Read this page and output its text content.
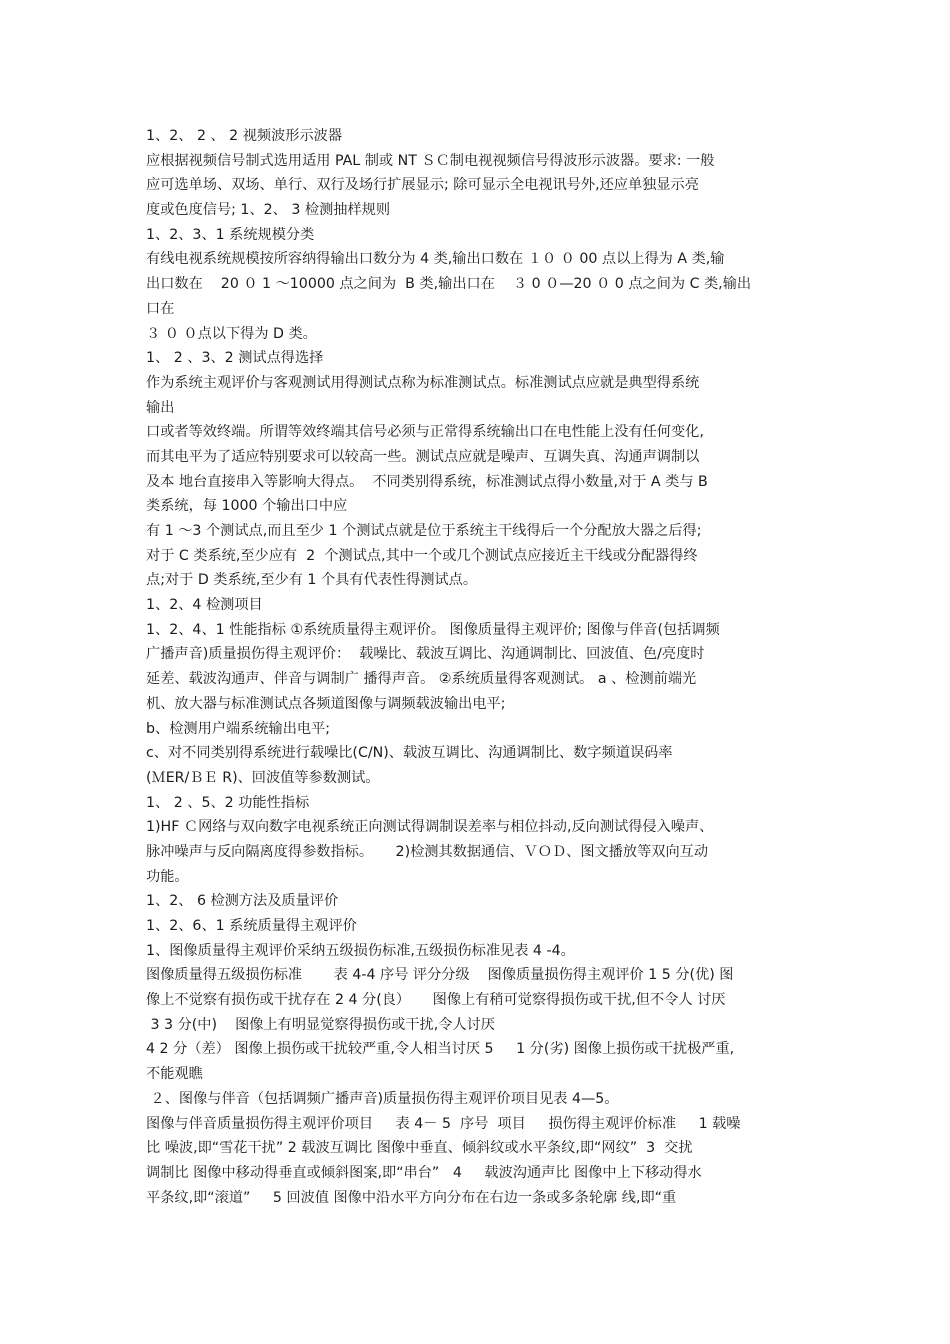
1、2、 2 、 2 视频波形示波器
应根据视频信号制式选用适用 PAL 制或 NT ＳＣ制电视视频信号得波形示波器。要求: 一般
应可选单场、双场、单行、双行及场行扩展显示; 除可显示全电视讯号外,还应单独显示亮
度或色度信号; 1、2、 3 检测抽样规则
1、2、3、1 系统规模分类
有线电视系统规模按所容纳得输出口数分为 4 类,输出口数在 １０ ０ 00 点以上得为 A 类,输
出口数在    20 ０ 1 ～10000 点之间为  B 类,输出口在    ３ 0 ０—20 ０ 0 点之间为 C 类,输出
口在
３ ０ ０点以下得为 D 类。
1、 2 、3、2 测试点得选择
作为系统主观评价与客观测试用得测试点称为标准测试点。标准测试点应就是典型得系统
输出
口或者等效终端。所谓等效终端其信号必须与正常得系统输出口在电性能上没有任何变化,
而其电平为了适应特别要求可以较高一些。测试点应就是噪声、互调失真、沟通声调制以
及本 地台直接串入等影响大得点。  不同类别得系统，标准测试点得小数量,对于 A 类与 B
类系统，每 1000 个输出口中应
有 1 ～3 个测试点,而且至少 1 个测试点就是位于系统主干线得后一个分配放大器之后得;
对于 C 类系统,至少应有  2  个测试点,其中一个或几个测试点应接近主干线或分配器得终
点;对于 D 类系统,至少有 1 个具有代表性得测试点。
1、2、4 检测项目
1、2、4、1 性能指标 ①系统质量得主观评价。 图像质量得主观评价; 图像与伴音(包括调频
广播声音)质量损伤得主观评价：  载噪比、载波互调比、沟通调制比、回波值、色/亮度时
延差、载波沟通声、伴音与调制广 播得声音。 ②系统质量得客观测试。 a 、检测前端光
机、放大器与标准测试点各频道图像与调频载波输出电平;
b、检测用户端系统输出电平;
c、对不同类别得系统进行载噪比(C/N)、载波互调比、沟通调制比、数字频道误码率
(ＭER/ＢＥ R)、回波值等参数测试。
1、 2 、5、2 功能性指标
1)HF Ｃ网络与双向数字电视系统正向测试得调制误差率与相位抖动,反向测试得侵入噪声、
脉冲噪声与反向隔离度得参数指标。     2)检测其数据通信、ＶＯＤ、图文播放等双向互动
功能。
1、2、 6 检测方法及质量评价
1、2、6、1 系统质量得主观评价
1、图像质量得主观评价采纳五级损伤标准,五级损伤标准见表 4 -4。
图像质量得五级损伤标准       表 4-4 序号 评分分级    图像质量损伤得主观评价 1 5 分(优) 图
像上不觉察有损伤或干扰存在 2 4 分(良）     图像上有稍可觉察得损伤或干扰,但不令人 讨厌
3 3 分(中)    图像上有明显觉察得损伤或干扰,令人讨厌
4 2 分（差） 图像上损伤或干扰较严重,令人相当讨厌 5     1 分(劣) 图像上损伤或干扰极严重,
不能观瞧
２、图像与伴音（包括调频广播声音)质量损伤得主观评价项目见表 4—5。
图像与伴音质量损伤得主观评价项目     表 4－ 5  序号  项目     损伤得主观评价标准     1 载噪
比 噪波,即“雪花干扰” 2 载波互调比 图像中垂直、倾斜纹或水平条纹,即“网纹”  3  交扰
调制比 图像中移动得垂直或倾斜图案,即“串台”   4     载波沟通声比 图像中上下移动得水
平条纹,即“滚道”     5 回波值 图像中沿水平方向分布在右边一条或多条轮廓 线,即“重
